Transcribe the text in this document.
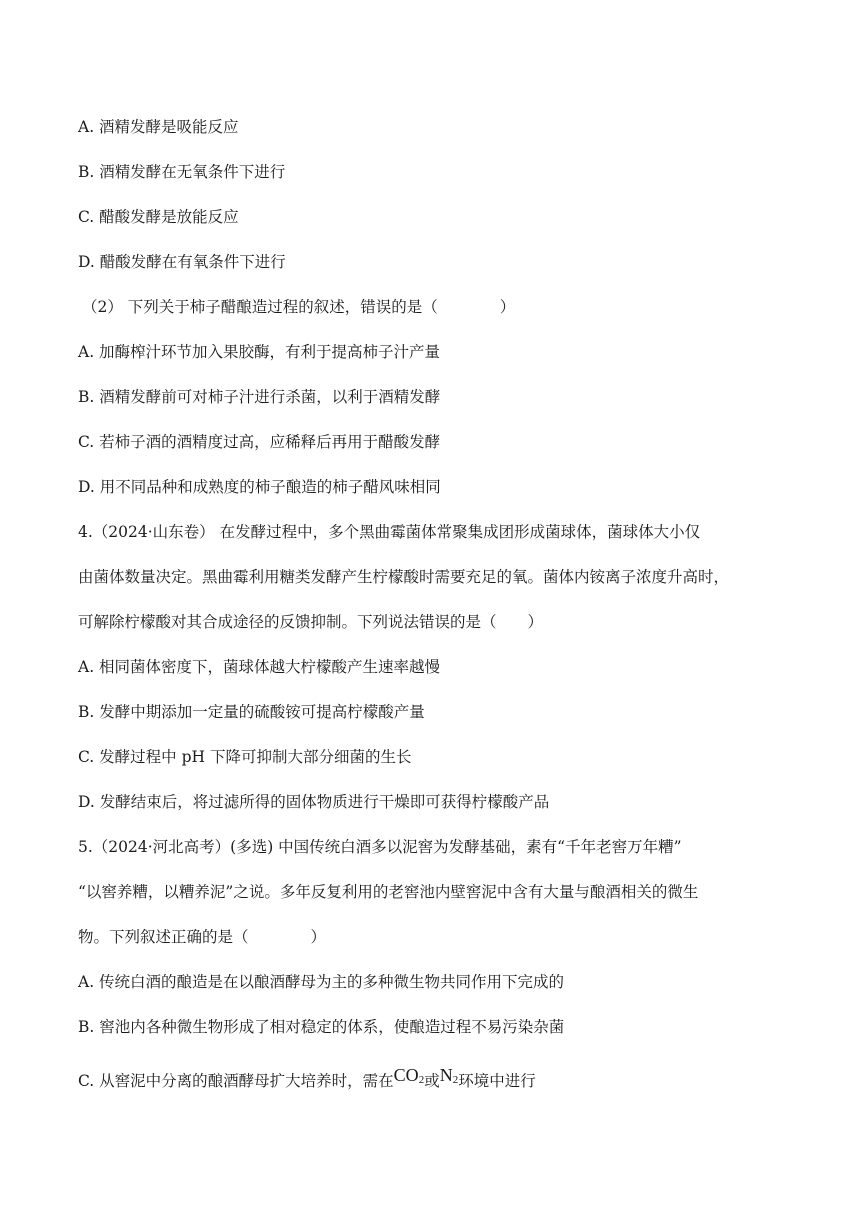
A. 酒精发酵是吸能反应
B. 酒精发酵在无氧条件下进行
C. 醋酸发酵是放能反应
D. 醋酸发酵在有氧条件下进行
（2） 下列关于柿子醋酿造过程的叙述，错误的是（　　　　）
A. 加酶榨汁环节加入果胶酶，有利于提高柿子汁产量
B. 酒精发酵前可对柿子汁进行杀菌，以利于酒精发酵
C. 若柿子酒的酒精度过高，应稀释后再用于醋酸发酵
D. 用不同品种和成熟度的柿子酿造的柿子醋风味相同
4.（2024·山东卷） 在发酵过程中，多个黑曲霉菌体常聚集成团形成菌球体，菌球体大小仅
由菌体数量决定。黑曲霉利用糖类发酵产生柠檬酸时需要充足的氧。菌体内铵离子浓度升高时，
可解除柠檬酸对其合成途径的反馈抑制。下列说法错误的是（　　）
A. 相同菌体密度下，菌球体越大柠檬酸产生速率越慢
B. 发酵中期添加一定量的硫酸铵可提高柠檬酸产量
C. 发酵过程中 pH 下降可抑制大部分细菌的生长
D. 发酵结束后，将过滤所得的固体物质进行干燥即可获得柠檬酸产品
5.（2024·河北高考）(多选) 中国传统白酒多以泥窖为发酵基础，素有“千年老窖万年糟”
“以窖养糟，以糟养泥”之说。多年反复利用的老窖池内壁窖泥中含有大量与酿酒相关的微生
物。下列叙述正确的是（　　　　）
A. 传统白酒的酿造是在以酿酒酵母为主的多种微生物共同作用下完成的
B. 窖池内各种微生物形成了相对稳定的体系，使酿造过程不易污染杂菌
C. 从窖泥中分离的酿酒酵母扩大培养时，需在$CO_2$或$N_2$环境中进行
